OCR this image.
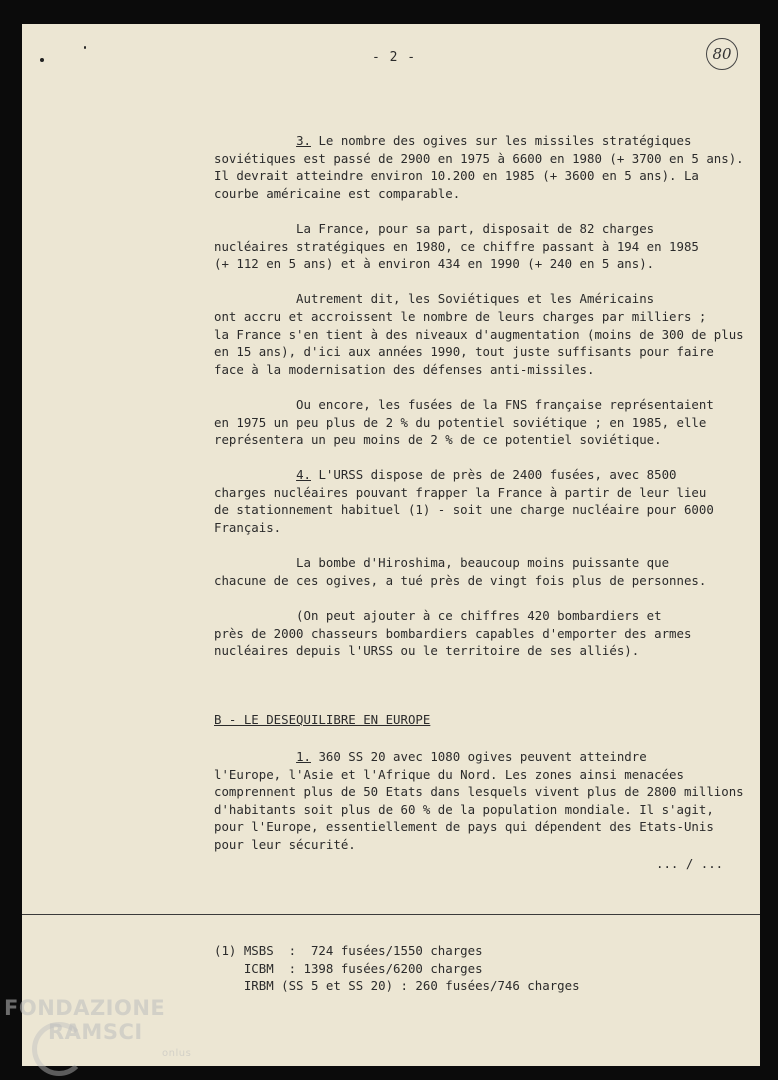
- 2 -	80

3. Le nombre des ogives sur les missiles stratégiques
soviétiques est passé de 2900 en 1975 à 6600 en 1980 (+ 3700 en 5 ans).
Il devrait atteindre environ 10.200 en 1985 (+ 3600 en 5 ans). La
courbe américaine est comparable.

La France, pour sa part, disposait de 82 charges
nucléaires stratégiques en 1980, ce chiffre passant à 194 en 1985
(+ 112 en 5 ans) et à environ 434 en 1990 (+ 240 en 5 ans).

Autrement dit, les Soviétiques et les Américains
ont accru et accroissent le nombre de leurs charges par milliers ;
la France s'en tient à des niveaux d'augmentation (moins de 300 de plus
en 15 ans), d'ici aux années 1990, tout juste suffisants pour faire
face à la modernisation des défenses anti-missiles.

Ou encore, les fusées de la FNS française représentaient
en 1975 un peu plus de 2 % du potentiel soviétique ; en 1985, elle
représentera un peu moins de 2 % de ce potentiel soviétique.

4. L'URSS dispose de près de 2400 fusées, avec 8500
charges nucléaires pouvant frapper la France à partir de leur lieu
de stationnement habituel (1) - soit une charge nucléaire pour 6000
Français.

La bombe d'Hiroshima, beaucoup moins puissante que
chacune de ces ogives, a tué près de vingt fois plus de personnes.

(On peut ajouter à ce chiffres 420 bombardiers et
près de 2000 chasseurs bombardiers capables d'emporter des armes
nucléaires depuis l'URSS ou le territoire de ses alliés).

B - LE DESEQUILIBRE EN EUROPE

1. 360 SS 20 avec 1080 ogives peuvent atteindre
l'Europe, l'Asie et l'Afrique du Nord. Les zones ainsi menacées
comprennent plus de 50 Etats dans lesquels vivent plus de 2800 millions
d'habitants soit plus de 60 % de la population mondiale. Il s'agit,
pour l'Europe, essentiellement de pays qui dépendent des Etats-Unis
pour leur sécurité.

... / ...
(1) MSBS  :  724 fusées/1550 charges
ICBM  : 1398 fusées/6200 charges
IRBM (SS 5 et SS 20) : 260 fusées/746 charges
FONDAZIONE
RAMSCI
onlus
